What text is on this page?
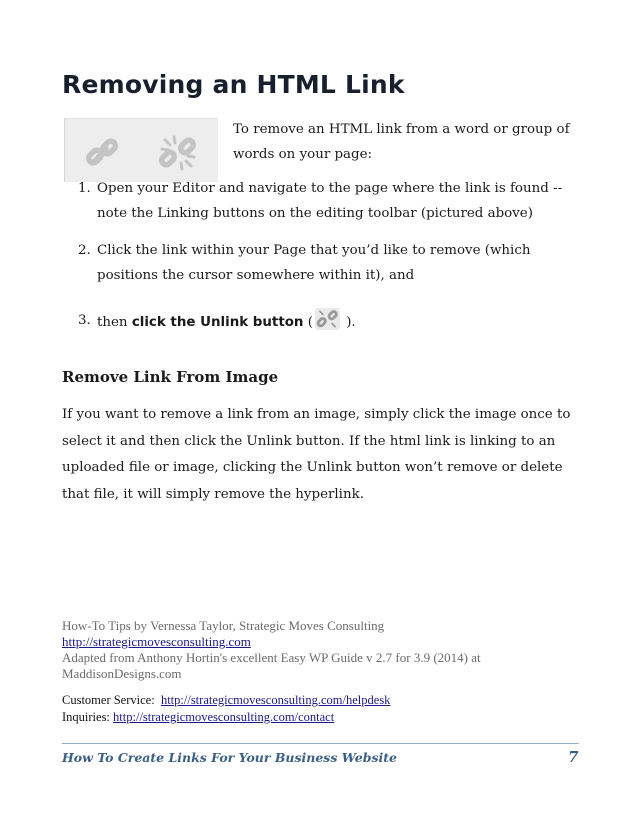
Removing an HTML Link
To remove an HTML link from a word or group of words on your page:
1. Open your Editor and navigate to the page where the link is found -- note the Linking buttons on the editing toolbar (pictured above)
2. Click the link within your Page that you’d like to remove (which positions the cursor somewhere within it), and
3. then click the Unlink button (
).
Remove Link From Image

If you want to remove a link from an image, simply click the image once to select it and then click the Unlink button. If the html link is linking to an uploaded file or image, clicking the Unlink button won’t remove or delete that file, it will simply remove the hyperlink.

How-To Tips by Vernessa Taylor, Strategic Moves Consulting
http://strategicmovesconsulting.com
Adapted from Anthony Hortin's excellent Easy WP Guide v 2.7 for 3.9 (2014) at MaddisonDesigns.com
Customer Service: http://strategicmovesconsulting.com/helpdesk
Inquiries: http://strategicmovesconsulting.com/contact
How To Create Links For Your Business Website	7
